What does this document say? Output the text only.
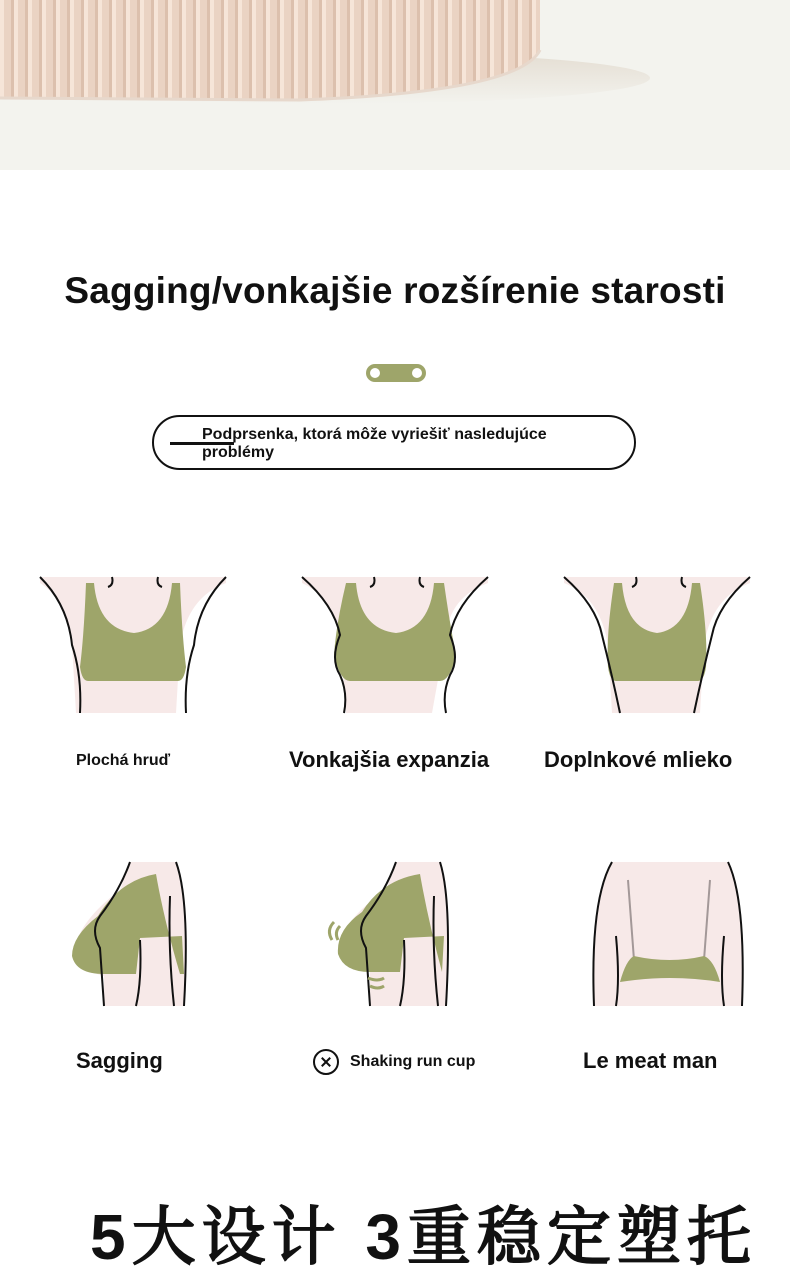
Sagging/vonkajšie rozšírenie starosti
Podprsenka, ktorá môže vyriešiť nasledujúce problémy
Plochá hruď	Vonkajšia expanzia Doplnkové mlieko
Sagging	Shaking run cup	Le meat man
5大设计 3重稳定塑托
